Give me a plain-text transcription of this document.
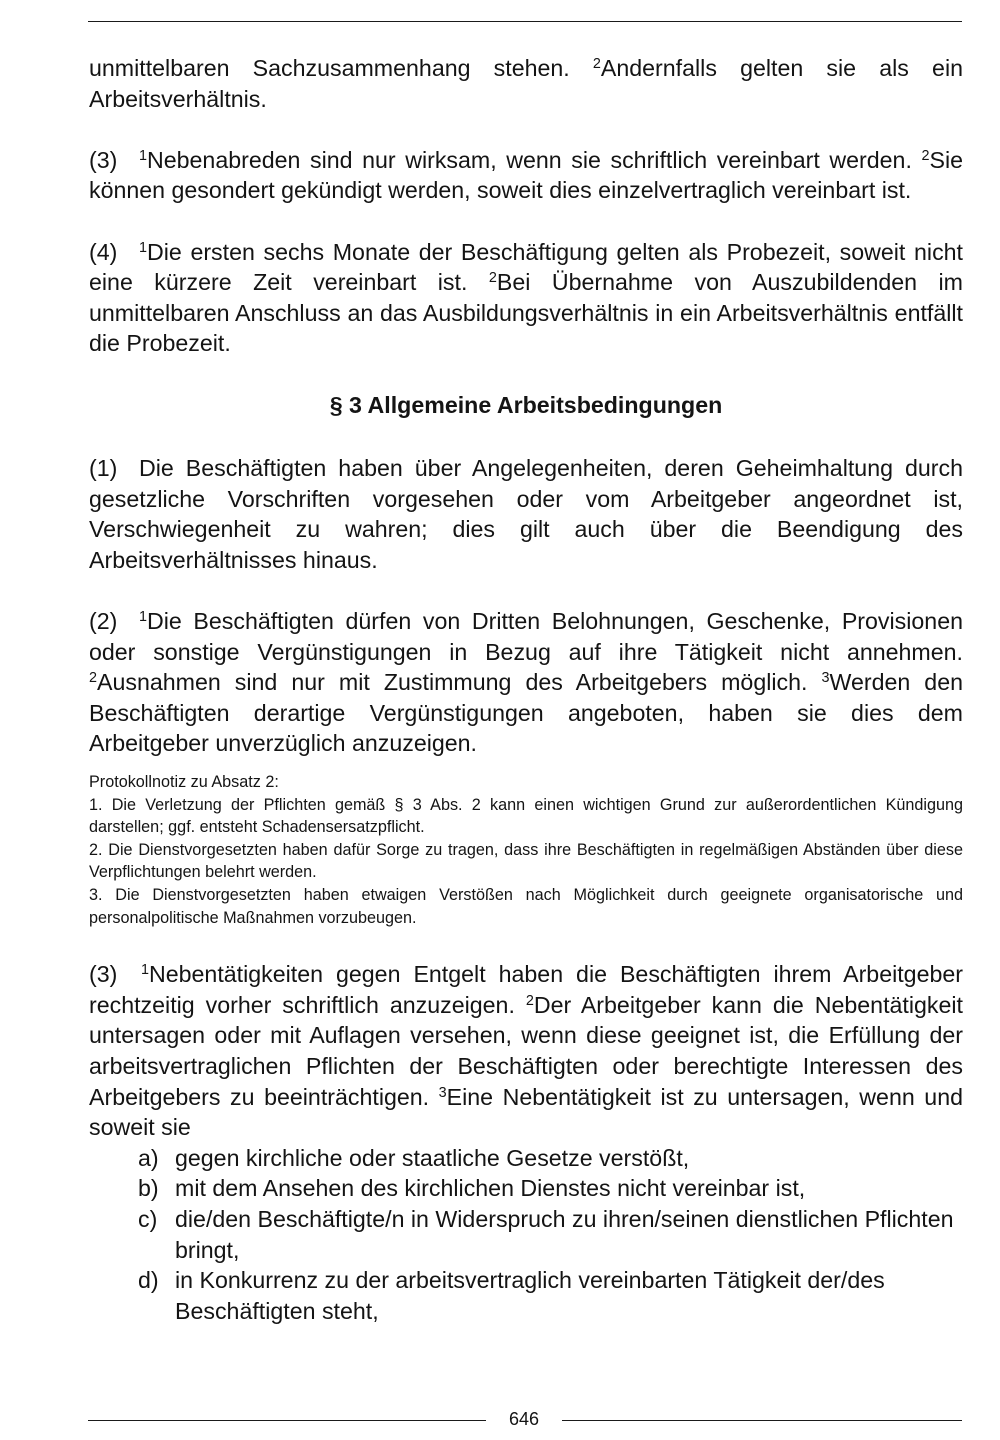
unmittelbaren Sachzusammenhang stehen. $^2$Andernfalls gelten sie als ein Arbeitsverhältnis.

(3) $^1$Nebenabreden sind nur wirksam, wenn sie schriftlich vereinbart werden. $^2$Sie können gesondert gekündigt werden, soweit dies einzelvertraglich vereinbart ist.

(4) $^1$Die ersten sechs Monate der Beschäftigung gelten als Probezeit, soweit nicht eine kürzere Zeit vereinbart ist. $^2$Bei Übernahme von Auszubildenden im unmittelbaren Anschluss an das Ausbildungsverhältnis in ein Arbeitsverhältnis entfällt die Probezeit.

§ 3 Allgemeine Arbeitsbedingungen

(1) Die Beschäftigten haben über Angelegenheiten, deren Geheimhaltung durch gesetzliche Vorschriften vorgesehen oder vom Arbeitgeber angeordnet ist, Verschwiegenheit zu wahren; dies gilt auch über die Beendigung des Arbeitsverhältnisses hinaus.

(2) $^1$Die Beschäftigten dürfen von Dritten Belohnungen, Geschenke, Provisionen oder sonstige Vergünstigungen in Bezug auf ihre Tätigkeit nicht annehmen. $^2$Ausnahmen sind nur mit Zustimmung des Arbeitgebers möglich. $^3$Werden den Beschäftigten derartige Vergünstigungen angeboten, haben sie dies dem Arbeitgeber unverzüglich anzuzeigen.

Protokollnotiz zu Absatz 2:

1. Die Verletzung der Pflichten gemäß § 3 Abs. 2 kann einen wichtigen Grund zur außerordentlichen Kündigung darstellen; ggf. entsteht Schadensersatzpflicht.

2. Die Dienstvorgesetzten haben dafür Sorge zu tragen, dass ihre Beschäftigten in regelmäßigen Abständen über diese Verpflichtungen belehrt werden.

3. Die Dienstvorgesetzten haben etwaigen Verstößen nach Möglichkeit durch geeignete organisatorische und personalpolitische Maßnahmen vorzubeugen.

(3) $^1$Nebentätigkeiten gegen Entgelt haben die Beschäftigten ihrem Arbeitgeber rechtzeitig vorher schriftlich anzuzeigen. $^2$Der Arbeitgeber kann die Nebentätigkeit untersagen oder mit Auflagen versehen, wenn diese geeignet ist, die Erfüllung der arbeitsvertraglichen Pflichten der Beschäftigten oder berechtigte Interessen des Arbeitgebers zu beeinträchtigen. $^3$Eine Nebentätigkeit ist zu untersagen, wenn und soweit sie

a) gegen kirchliche oder staatliche Gesetze verstößt,
b) mit dem Ansehen des kirchlichen Dienstes nicht vereinbar ist,
c) die/den Beschäftigte/n in Widerspruch zu ihren/seinen dienstlichen Pflichten bringt,
d) in Konkurrenz zu der arbeitsvertraglich vereinbarten Tätigkeit der/des Beschäftigten steht,
646
